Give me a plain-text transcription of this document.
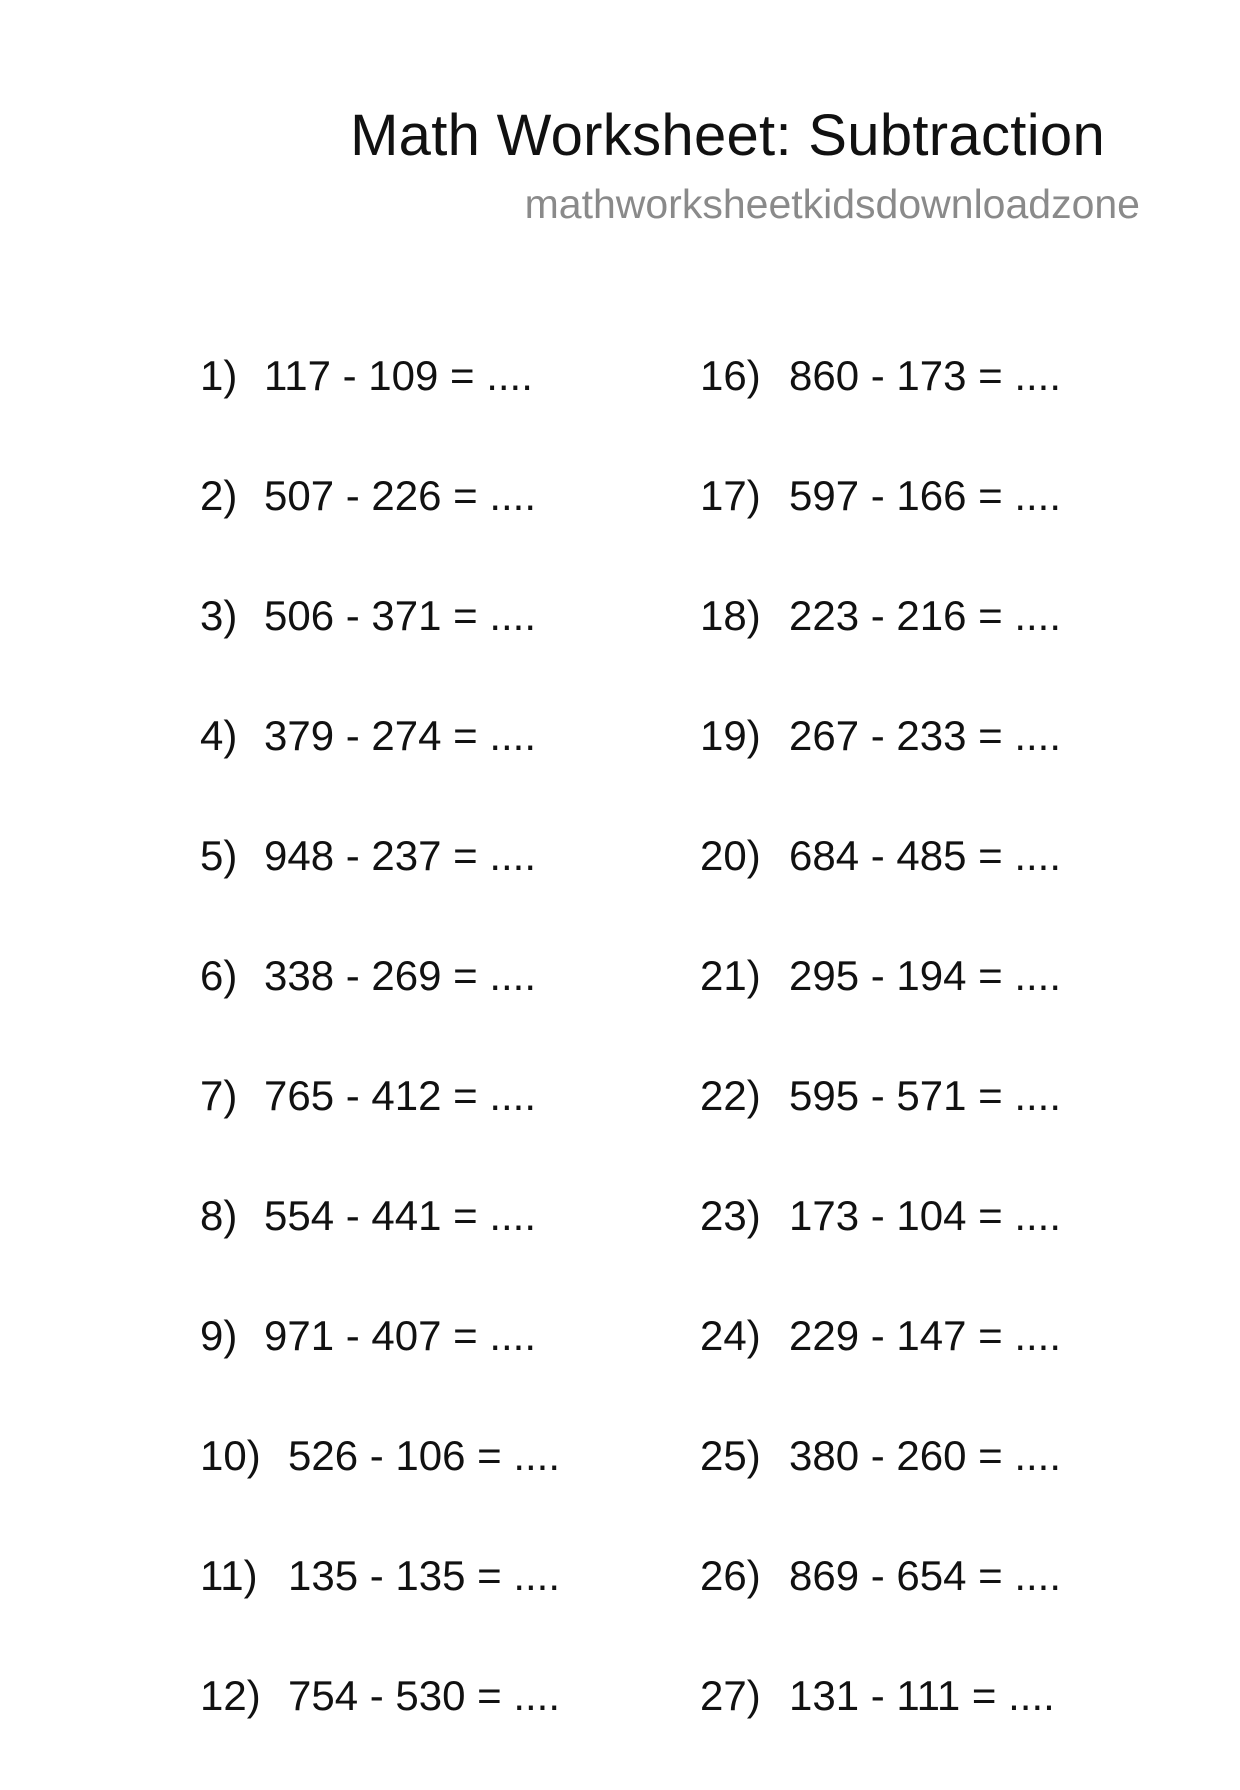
Math Worksheet: Subtraction
mathworksheetkidsdownloadzone
1) 117 - 109 = ....
2) 507 - 226 = ....
3) 506 - 371 = ....
4) 379 - 274 = ....
5) 948 - 237 = ....
6) 338 - 269 = ....
7) 765 - 412 = ....
8) 554 - 441 = ....
9) 971 - 407 = ....
10) 526 - 106 = ....
11) 135 - 135 = ....
12) 754 - 530 = ....
16) 860 - 173 = ....
17) 597 - 166 = ....
18) 223 - 216 = ....
19) 267 - 233 = ....
20) 684 - 485 = ....
21) 295 - 194 = ....
22) 595 - 571 = ....
23) 173 - 104 = ....
24) 229 - 147 = ....
25) 380 - 260 = ....
26) 869 - 654 = ....
27) 131 - 111 = ....
